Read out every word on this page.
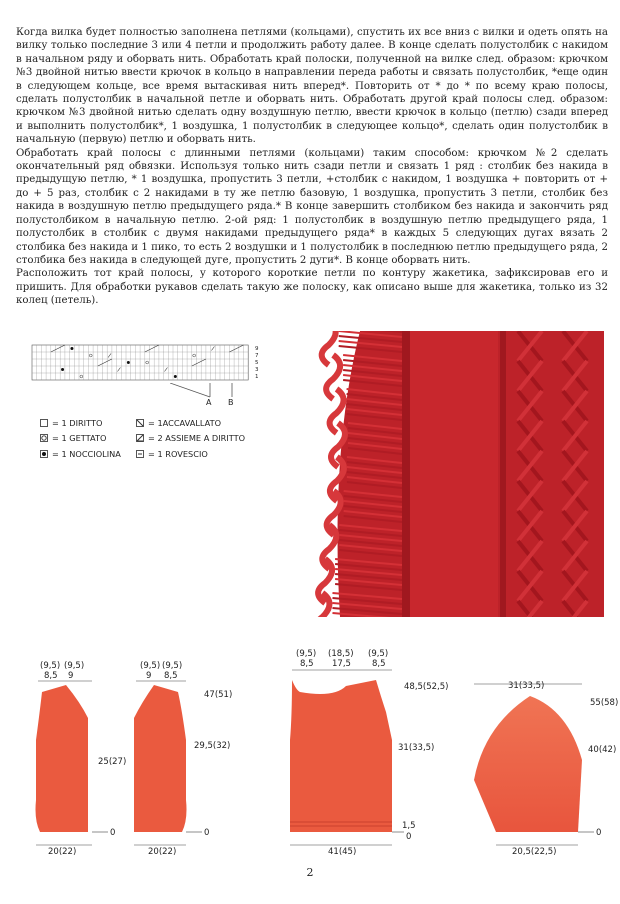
Когда вилка будет полностью заполнена петлями (кольцами), спустить их все вниз с вилки и одеть опять на вилку только последние 3 или 4 петли и продолжить работу далее. В конце сделать полустолбик с накидом в начальном ряду и оборвать нить. Обработать край полоски, полученной на вилке след. образом: крючком №3 двойной нитью ввести крючок в кольцо в направлении переда работы и связать полустолбик, *еще один в следующем кольце, все время вытаскивая нить вперед*. Повторить от * до * по всему краю полосы, сделать полустолбик в начальной петле и оборвать нить. Обработать другой край полосы след. образом: крючком №3 двойной нитью сделать одну воздушную петлю, ввести крючок в кольцо (петлю) сзади вперед и выполнить полустолбик*, 1 воздушка, 1 полустолбик в следующее кольцо*, сделать один полустолбик в начальную (первую) петлю и оборвать нить.

Обработать край полосы с длинными петлями (кольцами) таким способом: крючком №2 сделать окончательный ряд обвязки. Используя только нить сзади петли и связать 1 ряд : столбик без накида в предыдущую петлю, * 1 воздушка, пропустить 3 петли, +столбик с накидом, 1 воздушка + повторить от + до + 5 раз, столбик с 2 накидами в ту же петлю базовую, 1 воздушка, пропустить 3 петли, столбик без накида в воздушную петлю предыдущего ряда.* В конце завершить столбиком без накида и закончить ряд полустолбиком в начальную петлю. 2-ой ряд: 1 полустолбик в воздушную петлю предыдущего ряда, 1 полустолбик в столбик с двумя накидами предыдущего ряда* в каждых 5 следующих дугах вязать 2 столбика без накида и 1 пико, то есть 2 воздушки и 1 полустолбик в последнюю петлю предыдущего ряда, 2 столбика без накида в следующей дуге, пропустить 2 дуги*. В конце оборвать нить.

Расположить тот край полосы, у которого короткие петли по контуру жакетика, зафиксировав его и пришить. Для обработки рукавов сделать такую же полоску, как описано выше для жакетика, только из 32 колец (петель).

9
7
5
3
1
A B
= 1 DIRITTO	= 1ACCAVALLATO
= 1 GETTATO	= 2 ASSIEME A DIRITTO
= 1 NOCCIOLINA	= 1 ROVESCIO
(9,5) (9,5)
8,5 9
25(27)
0
20(22)
(9,5) (9,5)
9 8,5
47(51)
29,5(32)
0
20(22)
(9,5) (18,5) (9,5)
8,5 17,5 8,5
48,5(52,5)
31(33,5)
1,5
0
41(45)
31(33,5)
55(58)
40(42)
0
20,5(22,5)
2
